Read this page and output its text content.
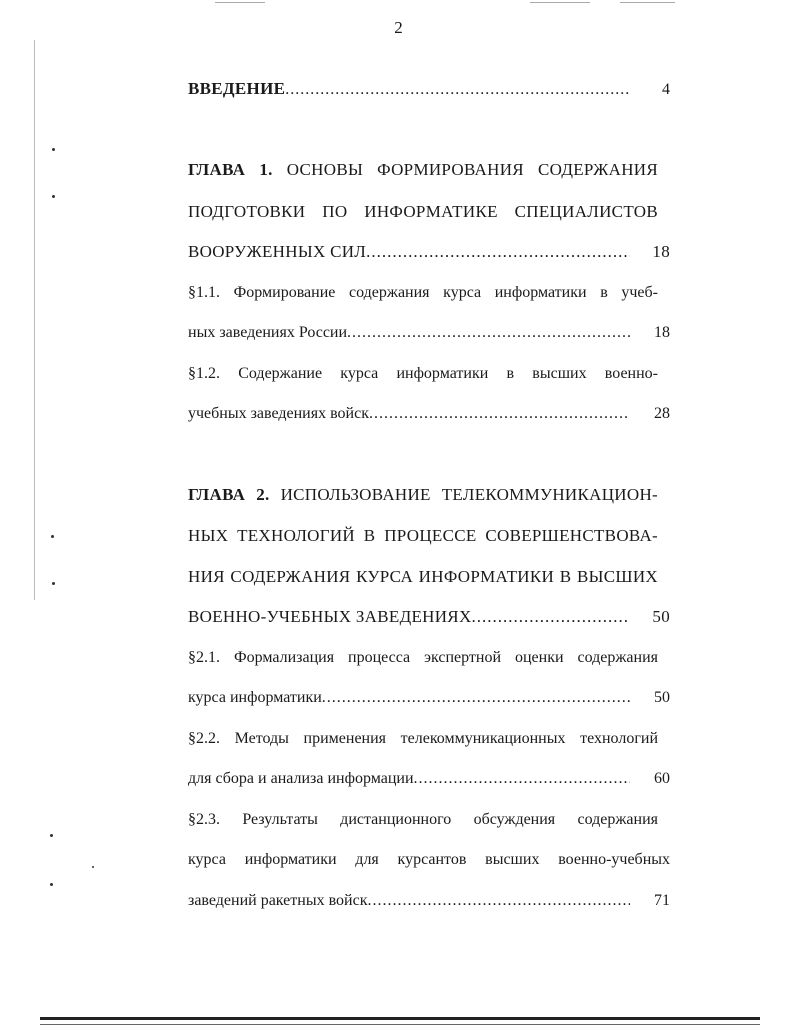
2
ВВЕДЕНИЕ .....	4
ГЛАВА 1. ОСНОВЫ ФОРМИРОВАНИЯ СОДЕРЖАНИЯ
ПОДГОТОВКИ ПО ИНФОРМАТИКЕ СПЕЦИАЛИСТОВ
ВООРУЖЕННЫХ СИЛ .....	18
§1.1. Формирование содержания курса информатики в учеб-
ных заведениях России .....	18
§1.2. Содержание курса информатики в высших военно-
учебных заведениях войск .....	28
ГЛАВА 2. ИСПОЛЬЗОВАНИЕ ТЕЛЕКОММУНИКАЦИОН-
НЫХ ТЕХНОЛОГИЙ В ПРОЦЕССЕ СОВЕРШЕНСТВОВА-
НИЯ СОДЕРЖАНИЯ КУРСА ИНФОРМАТИКИ В ВЫСШИХ
ВОЕННО-УЧЕБНЫХ ЗАВЕДЕНИЯХ .....	50
§2.1. Формализация процесса экспертной оценки содержания
курса информатики .....	50
§2.2. Методы применения телекоммуникационных технологий
для сбора и анализа информации .....	60
§2.3. Результаты дистанционного обсуждения содержания
курса информатики для курсантов высших военно-учебных
заведений ракетных войск .....	71
